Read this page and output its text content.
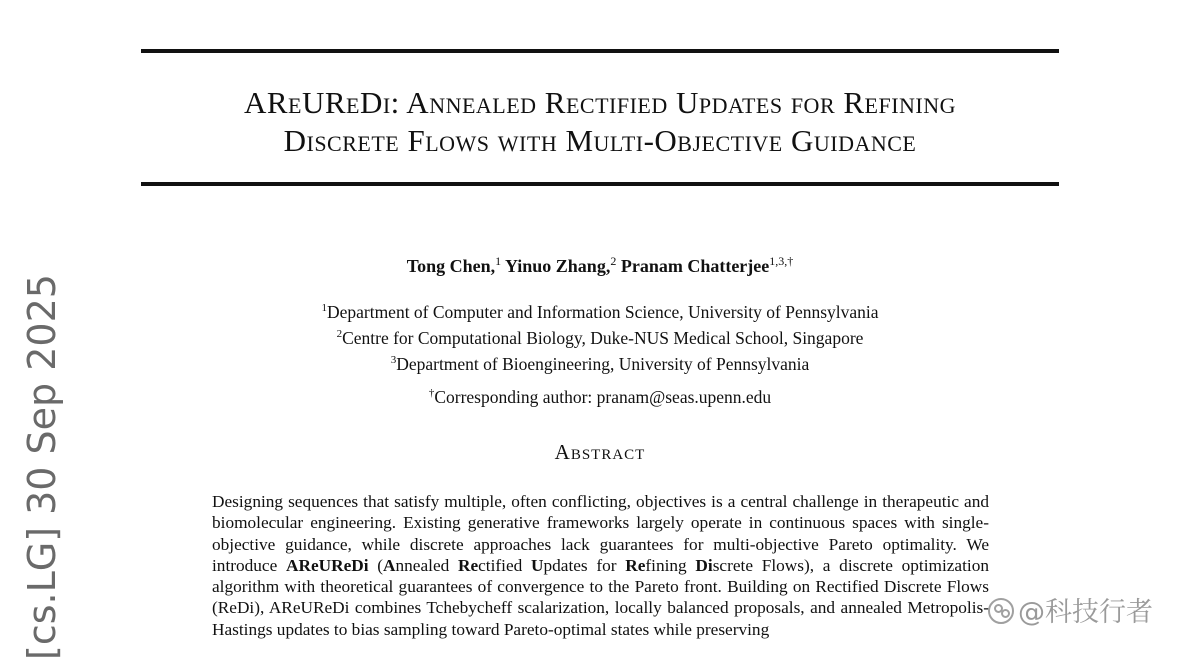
[cs.LG] 30 Sep 2025
AReUReDi: Annealed Rectified Updates for Refining
Discrete Flows with Multi-Objective Guidance
Tong Chen,$^1$ Yinuo Zhang,$^2$ Pranam Chatterjee$^{1,3,\dagger}$
$^1$Department of Computer and Information Science, University of Pennsylvania
$^2$Centre for Computational Biology, Duke-NUS Medical School, Singapore
$^3$Department of Bioengineering, University of Pennsylvania
†Corresponding author: pranam@seas.upenn.edu
Abstract
Designing sequences that satisfy multiple, often conflicting, objectives is a central challenge in therapeutic and biomolecular engineering. Existing generative frameworks largely operate in continuous spaces with single-objective guidance, while discrete approaches lack guarantees for multi-objective Pareto optimality. We introduce AReUReDi (Annealed Rectified Updates for Refining Discrete Flows), a discrete optimization algorithm with theoretical guarantees of convergence to the Pareto front. Building on Rectified Discrete Flows (ReDi), AReUReDi combines Tchebycheff scalarization, locally balanced proposals, and annealed Metropolis-Hastings updates to bias sampling toward Pareto-optimal states while preserving
@科技行者
